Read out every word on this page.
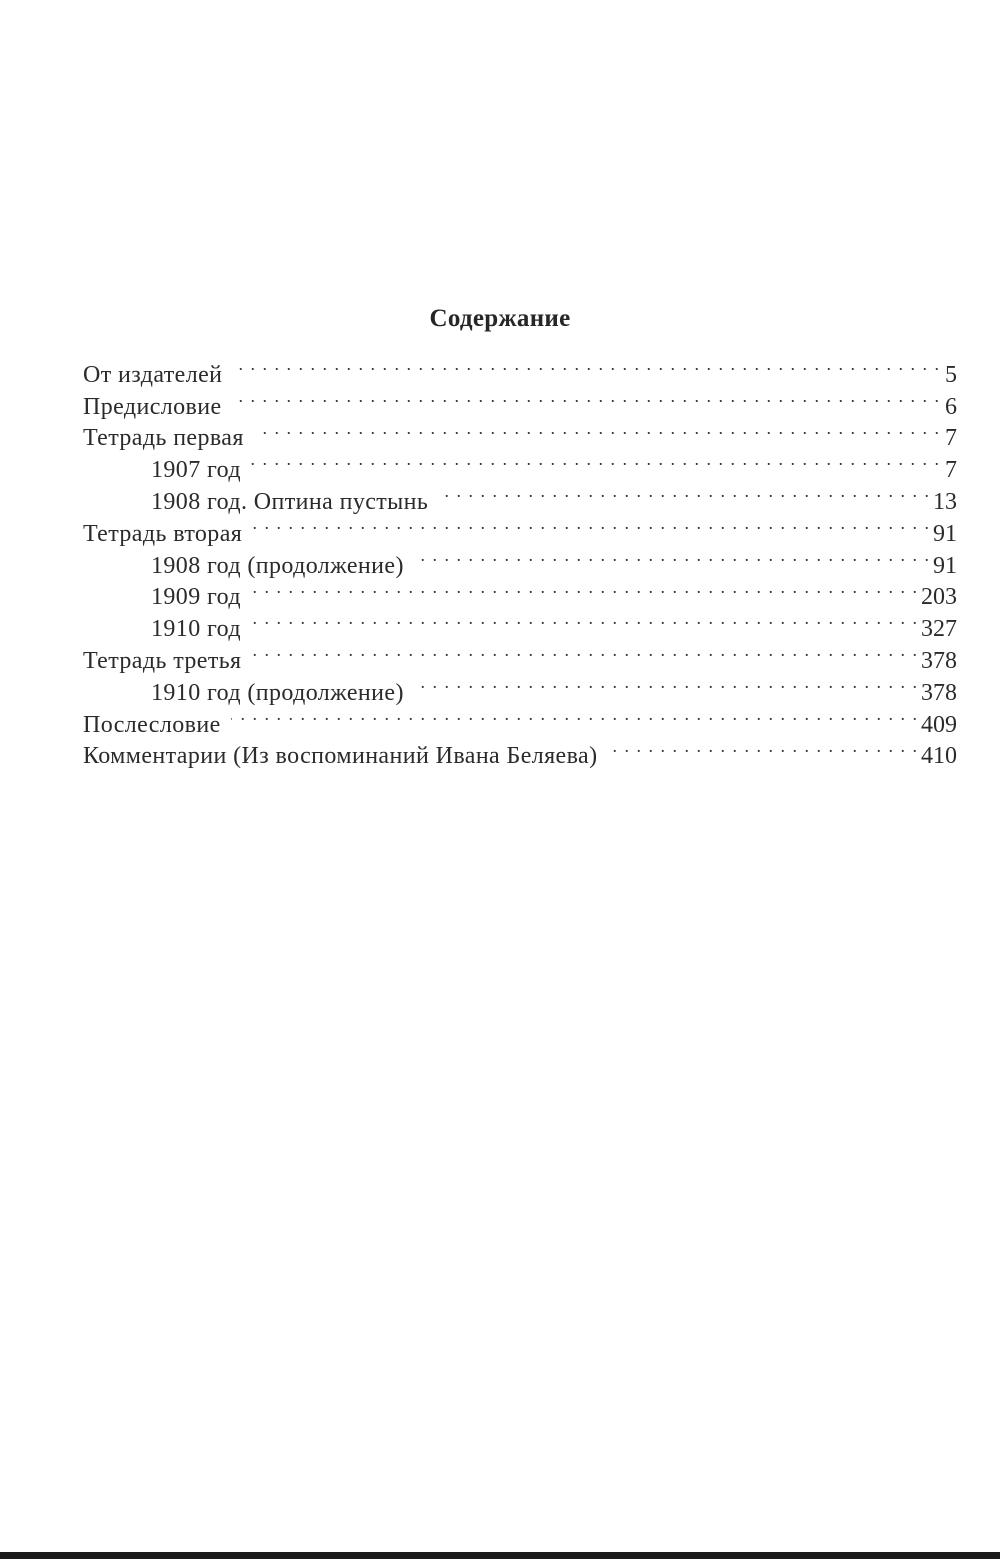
Содержание
От издателей . . .	5
Предисловие . . .	6
Тетрадь первая . . .	7
1907 год . . .	7
1908 год. Оптина пустынь . . .	13
Тетрадь вторая . . .	91
1908 год (продолжение) . . .	91
1909 год . . .	203
1910 год . . .	327
Тетрадь третья . . .	378
1910 год (продолжение) . . .	378
Послесловие . . .	409
Комментарии (Из воспоминаний Ивана Беляева) . . .	410
